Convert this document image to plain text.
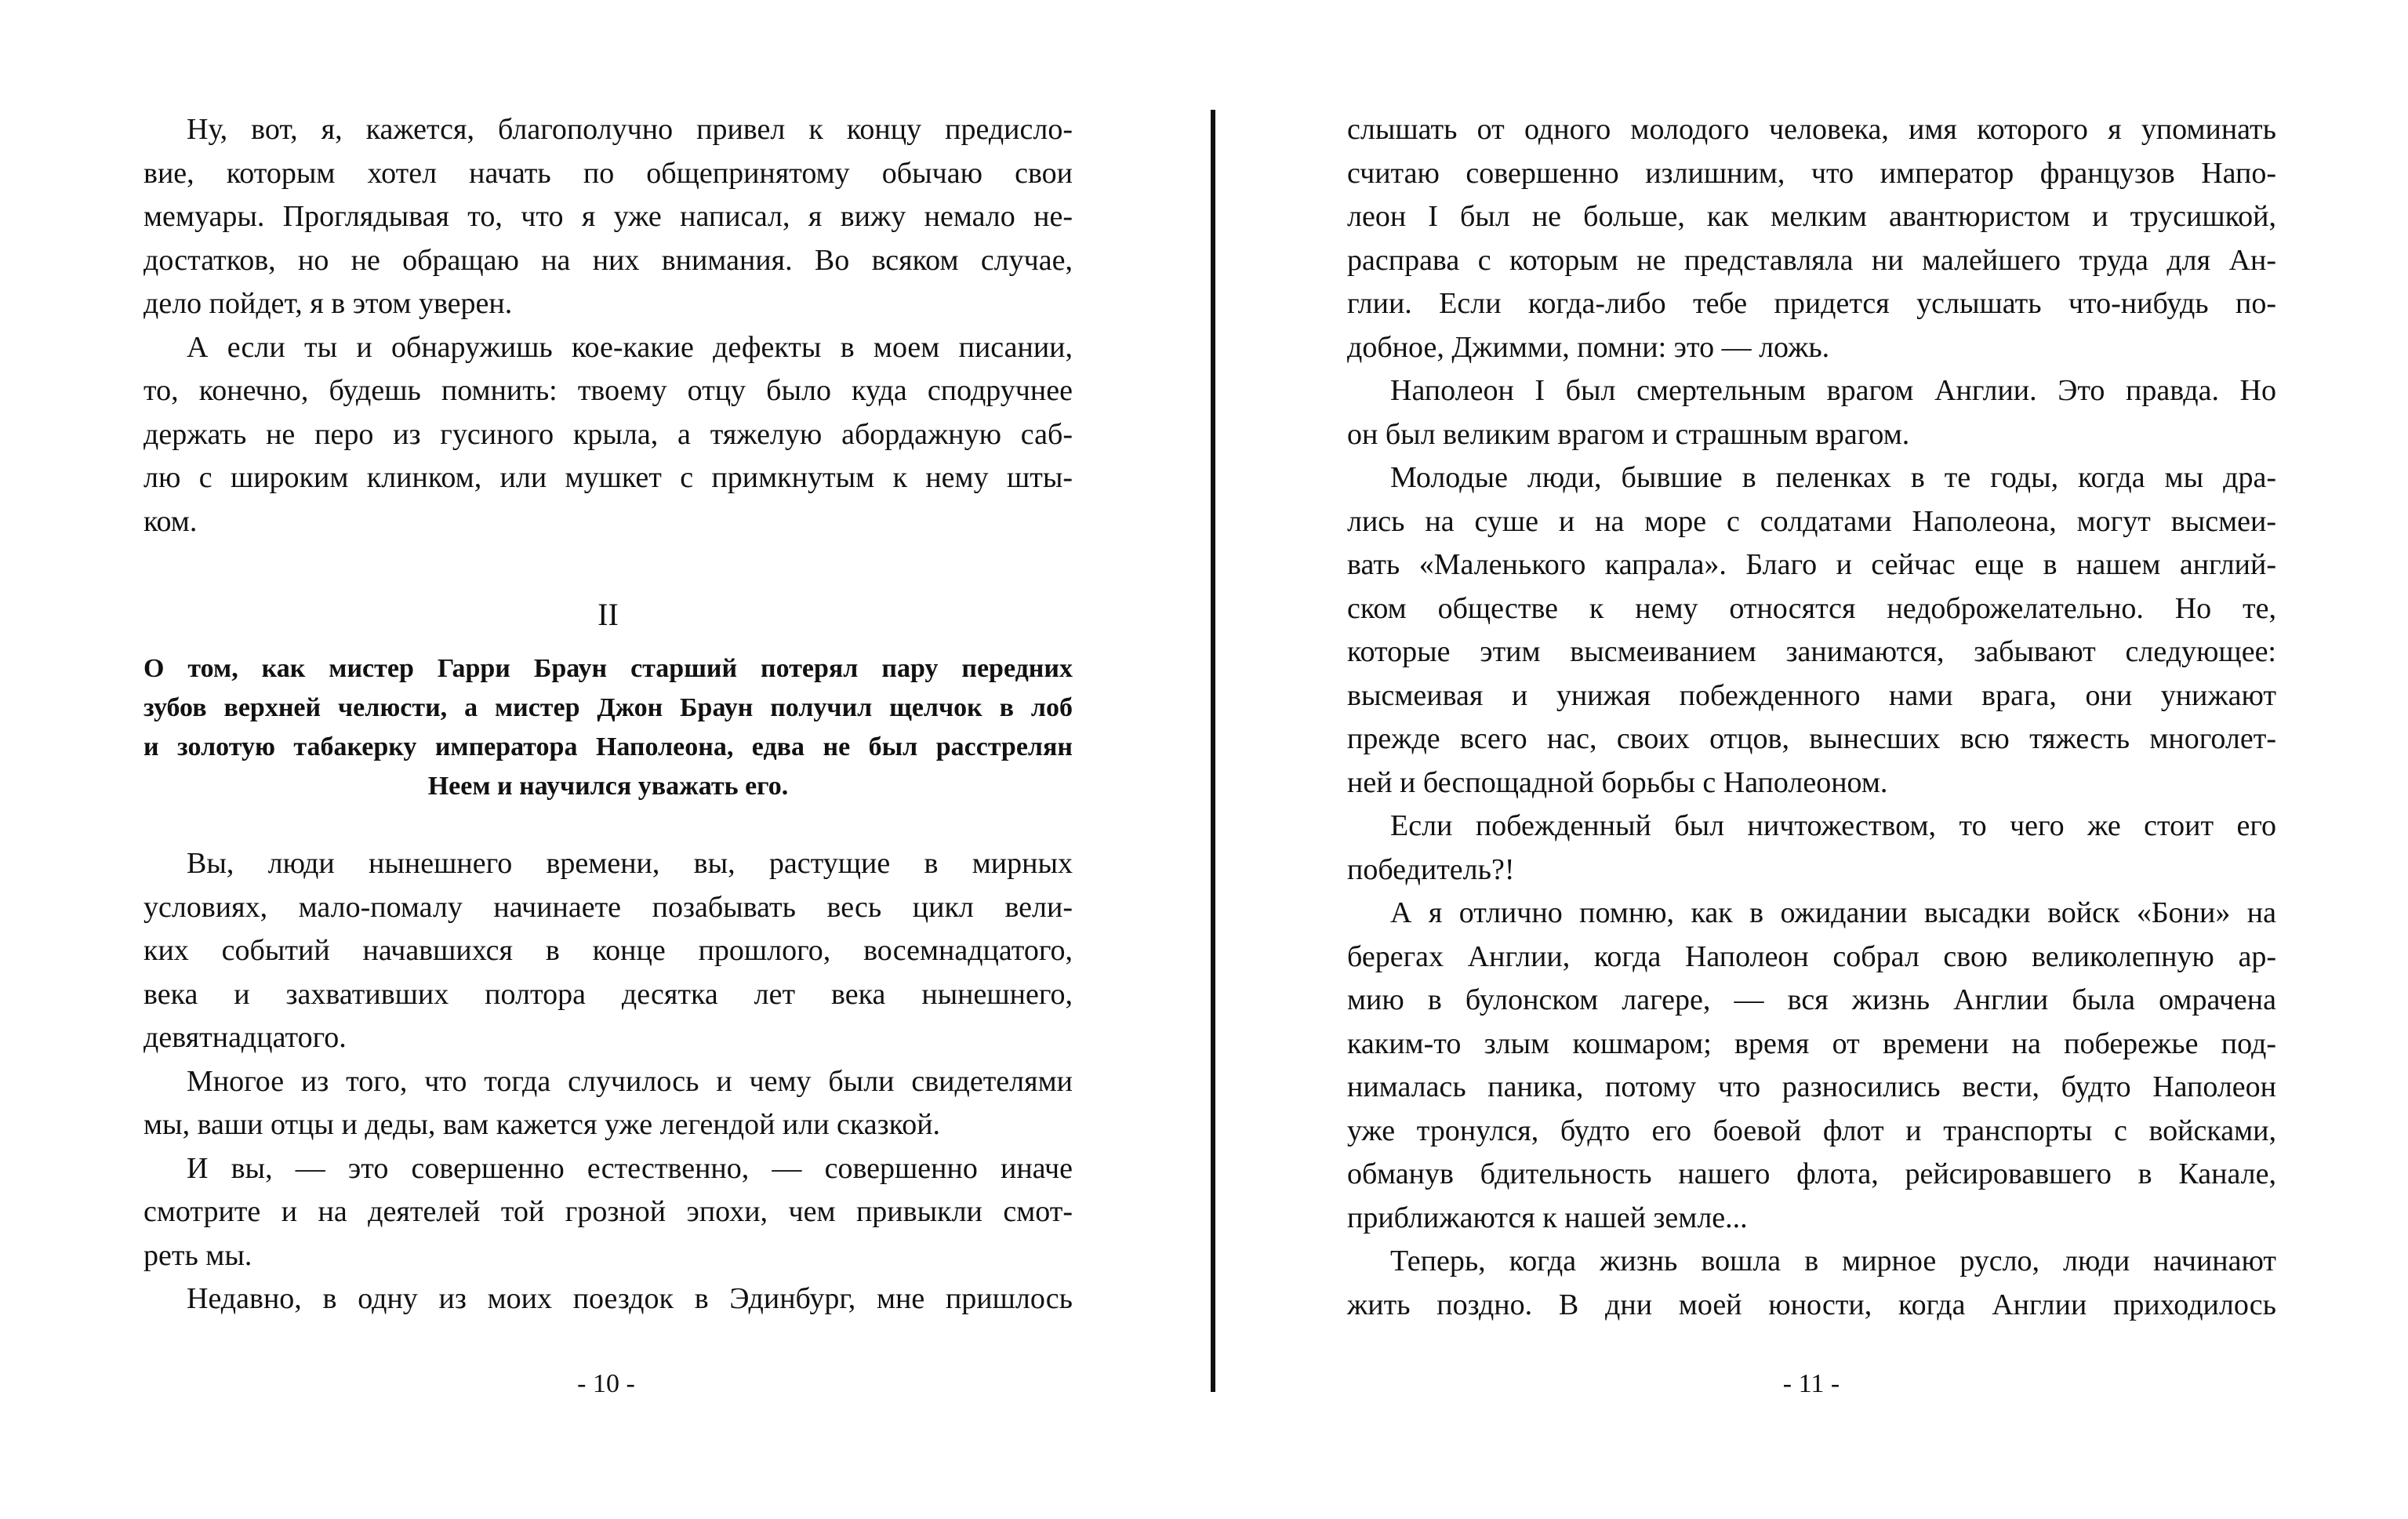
Ну, вот, я, кажется, благополучно привел к концу предисло-
вие, которым хотел начать по общепринятому обычаю свои
мемуары. Проглядывая то, что я уже написал, я вижу немало не-
достатков, но не обращаю на них внимания. Во всяком случае,
дело пойдет, я в этом уверен.
А если ты и обнаружишь кое-какие дефекты в моем писании,
то, конечно, будешь помнить: твоему отцу было куда сподручнее
держать не перо из гусиного крыла, а тяжелую абордажную саб-
лю с широким клинком, или мушкет с примкнутым к нему шты-
ком.
II
О том, как мистер Гарри Браун старший потерял пару передних
зубов верхней челюсти, а мистер Джон Браун получил щелчок в лоб
и золотую табакерку императора Наполеона, едва не был расстрелян
Неем и научился уважать его.
Вы, люди нынешнего времени, вы, растущие в мирных
условиях, мало-помалу начинаете позабывать весь цикл вели-
ких событий начавшихся в конце прошлого, восемнадцатого,
века и захвативших полтора десятка лет века нынешнего,
девятнадцатого.
Многое из того, что тогда случилось и чему были свидетелями
мы, ваши отцы и деды, вам кажется уже легендой или сказкой.
И вы, — это совершенно естественно, — совершенно иначе
смотрите и на деятелей той грозной эпохи, чем привыкли смот-
реть мы.
Недавно, в одну из моих поездок в Эдинбург, мне пришлось
слышать от одного молодого человека, имя которого я упоминать
считаю совершенно излишним, что император французов Напо-
леон I был не больше, как мелким авантюристом и трусишкой,
расправа с которым не представляла ни малейшего труда для Ан-
глии. Если когда-либо тебе придется услышать что-нибудь по-
добное, Джимми, помни: это — ложь.
Наполеон I был смертельным врагом Англии. Это правда. Но
он был великим врагом и страшным врагом.
Молодые люди, бывшие в пеленках в те годы, когда мы дра-
лись на суше и на море с солдатами Наполеона, могут высмеи-
вать «Маленького капрала». Благо и сейчас еще в нашем англий-
ском обществе к нему относятся недоброжелательно. Но те,
которые этим высмеиванием занимаются, забывают следующее:
высмеивая и унижая побежденного нами врага, они унижают
прежде всего нас, своих отцов, вынесших всю тяжесть многолет-
ней и беспощадной борьбы с Наполеоном.
Если побежденный был ничтожеством, то чего же стоит его
победитель?!
А я отлично помню, как в ожидании высадки войск «Бони» на
берегах Англии, когда Наполеон собрал свою великолепную ар-
мию в булонском лагере, — вся жизнь Англии была омрачена
каким-то злым кошмаром; время от времени на побережье под-
нималась паника, потому что разносились вести, будто Наполеон
уже тронулся, будто его боевой флот и транспорты с войсками,
обманув бдительность нашего флота, рейсировавшего в Канале,
приближаются к нашей земле...
Теперь, когда жизнь вошла в мирное русло, люди начинают
жить поздно. В дни моей юности, когда Англии приходилось
- 10 -	- 11 -
